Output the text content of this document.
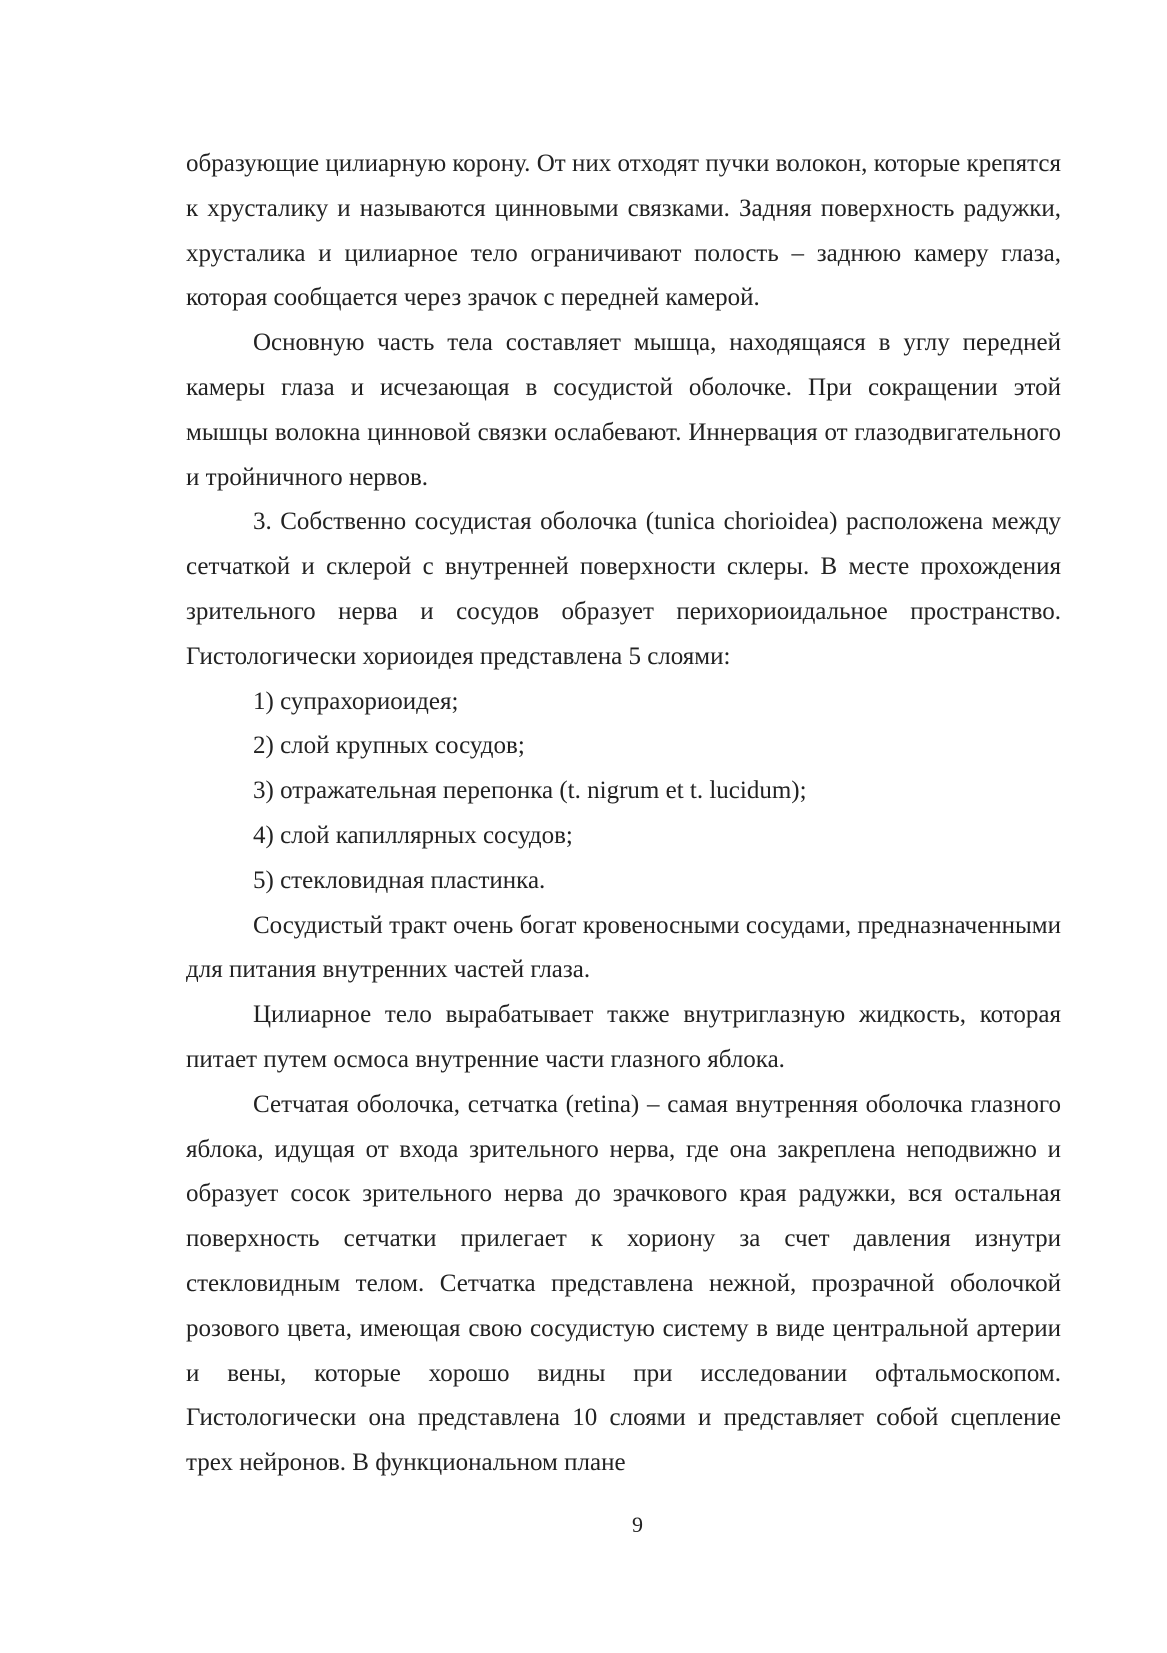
образующие цилиарную корону. От них отходят пучки волокон, которые крепятся к хрусталику и называются цинновыми связками. Задняя поверхность радужки, хрусталика и цилиарное тело ограничивают полость – заднюю камеру глаза, которая сообщается через зрачок с передней камерой.

Основную часть тела составляет мышца, находящаяся в углу передней камеры глаза и исчезающая в сосудистой оболочке. При сокращении этой мышцы волокна цинновой связки ослабевают. Иннервация от глазодвигательного и тройничного нервов.

3. Собственно сосудистая оболочка (tunica chorioidea) расположена между сетчаткой и склерой с внутренней поверхности склеры. В месте прохождения зрительного нерва и сосудов образует перихориоидальное пространство. Гистологически хориоидея представлена 5 слоями:

1) супрахориоидея;

2) слой крупных сосудов;

3) отражательная перепонка (t. nigrum et t. lucidum);

4) слой капиллярных сосудов;

5) стекловидная пластинка.

Сосудистый тракт очень богат кровеносными сосудами, предназначенными для питания внутренних частей глаза.

Цилиарное тело вырабатывает также внутриглазную жидкость, которая питает путем осмоса внутренние части глазного яблока.

Сетчатая оболочка, сетчатка (retina) – самая внутренняя оболочка глазного яблока, идущая от входа зрительного нерва, где она закреплена неподвижно и образует сосок зрительного нерва до зрачкового края радужки, вся остальная поверхность сетчатки прилегает к хориону за счет давления изнутри стекловидным телом. Сетчатка представлена нежной, прозрачной оболочкой розового цвета, имеющая свою сосудистую систему в виде центральной артерии и вены, которые хорошо видны при исследовании офтальмоскопом. Гистологически она представлена 10 слоями и представляет собой сцепление трех нейронов. В функциональном плане

9
